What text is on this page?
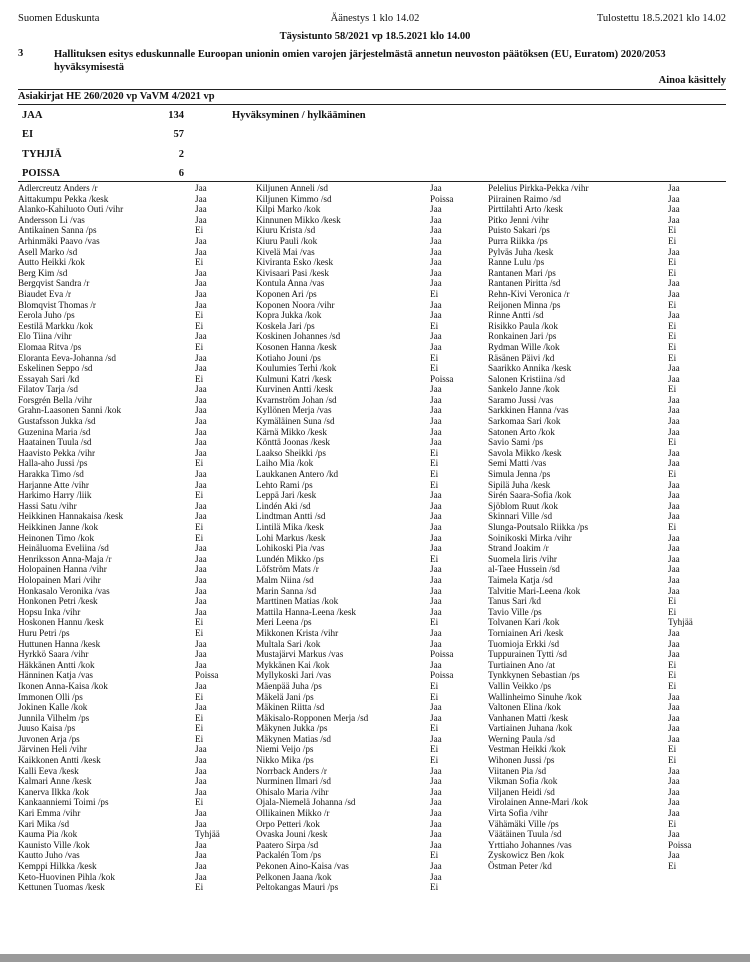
Suomen Eduskunta	Äänestys 1 klo 14.02	Tulostettu 18.5.2021 klo 14.02
Täysistunto 58/2021 vp 18.5.2021 klo 14.00
3	Hallituksen esitys eduskunnalle Euroopan unionin omien varojen järjestelmästä annetun neuvoston päätöksen (EU, Euratom) 2020/2053 hyväksymisestä
Ainoa käsittely
Asiakirjat HE 260/2020 vp VaVM 4/2021 vp
JAA	134	Hyväksyminen / hylkääminen
EI	57
TYHJIÄ	2
POISSA	6
Adlercreutz Anders /r	Jaa
Aittakumpu Pekka /kesk	Jaa
Alanko-Kahiluoto Outi /vihr	Jaa
Andersson Li /vas	Jaa
Antikainen Sanna /ps	Ei
Arhinmäki Paavo /vas	Jaa
Asell Marko /sd	Jaa
Autto Heikki /kok	Ei
Berg Kim /sd	Jaa
Bergqvist Sandra /r	Jaa
Biaudet Eva /r	Jaa
Blomqvist Thomas /r	Jaa
Eerola Juho /ps	Ei
Eestilä Markku /kok	Ei
Elo Tiina /vihr	Jaa
Elomaa Ritva /ps	Ei
Eloranta Eeva-Johanna /sd	Jaa
Eskelinen Seppo /sd	Jaa
Essayah Sari /kd	Ei
Filatov Tarja /sd	Jaa
Forsgrén Bella /vihr	Jaa
Grahn-Laasonen Sanni /kok	Jaa
Gustafsson Jukka /sd	Jaa
Guzenina Maria /sd	Jaa
Haatainen Tuula /sd	Jaa
Haavisto Pekka /vihr	Jaa
Halla-aho Jussi /ps	Ei
Harakka Timo /sd	Jaa
Harjanne Atte /vihr	Jaa
Harkimo Harry /liik	Ei
Hassi Satu /vihr	Jaa
Heikkinen Hannakaisa /kesk	Jaa
Heikkinen Janne /kok	Ei
Heinonen Timo /kok	Ei
Heinäluoma Eveliina /sd	Jaa
Henriksson Anna-Maja /r	Jaa
Holopainen Hanna /vihr	Jaa
Holopainen Mari /vihr	Jaa
Honkasalo Veronika /vas	Jaa
Honkonen Petri /kesk	Jaa
Hopsu Inka /vihr	Jaa
Hoskonen Hannu /kesk	Ei
Huru Petri /ps	Ei
Huttunen Hanna /kesk	Jaa
Hyrkkö Saara /vihr	Jaa
Häkkänen Antti /kok	Jaa
Hänninen Katja /vas	Poissa
Ikonen Anna-Kaisa /kok	Jaa
Immonen Olli /ps	Ei
Jokinen Kalle /kok	Jaa
Junnila Vilhelm /ps	Ei
Juuso Kaisa /ps	Ei
Juvonen Arja /ps	Ei
Järvinen Heli /vihr	Jaa
Kaikkonen Antti /kesk	Jaa
Kalli Eeva /kesk	Jaa
Kalmari Anne /kesk	Jaa
Kanerva Ilkka /kok	Jaa
Kankaanniemi Toimi /ps	Ei
Kari Emma /vihr	Jaa
Kari Mika /sd	Jaa
Kauma Pia /kok	Tyhjää
Kaunisto Ville /kok	Jaa
Kautto Juho /vas	Jaa
Kemppi Hilkka /kesk	Jaa
Keto-Huovinen Pihla /kok	Jaa
Kettunen Tuomas /kesk	Ei
Kiljunen Anneli /sd	Jaa
Kiljunen Kimmo /sd	Poissa
Kilpi Marko /kok	Jaa
Kinnunen Mikko /kesk	Jaa
Kiuru Krista /sd	Jaa
Kiuru Pauli /kok	Jaa
Kivelä Mai /vas	Jaa
Kiviranta Esko /kesk	Jaa
Kivisaari Pasi /kesk	Jaa
Kontula Anna /vas	Jaa
Koponen Ari /ps	Ei
Koponen Noora /vihr	Jaa
Kopra Jukka /kok	Jaa
Koskela Jari /ps	Ei
Koskinen Johannes /sd	Jaa
Kosonen Hanna /kesk	Jaa
Kotiaho Jouni /ps	Ei
Koulumies Terhi /kok	Ei
Kulmuni Katri /kesk	Poissa
Kurvinen Antti /kesk	Jaa
Kvarnström Johan /sd	Jaa
Kyllönen Merja /vas	Jaa
Kymäläinen Suna /sd	Jaa
Kärnä Mikko /kesk	Jaa
Könttä Joonas /kesk	Jaa
Laakso Sheikki /ps	Ei
Laiho Mia /kok	Ei
Laukkanen Antero /kd	Ei
Lehto Rami /ps	Ei
Leppä Jari /kesk	Jaa
Lindén Aki /sd	Jaa
Lindtman Antti /sd	Jaa
Lintilä Mika /kesk	Jaa
Lohi Markus /kesk	Jaa
Lohikoski Pia /vas	Jaa
Lundén Mikko /ps	Ei
Löfström Mats /r	Jaa
Malm Niina /sd	Jaa
Marin Sanna /sd	Jaa
Marttinen Matias /kok	Jaa
Mattila Hanna-Leena /kesk	Jaa
Meri Leena /ps	Ei
Mikkonen Krista /vihr	Jaa
Multala Sari /kok	Jaa
Mustajärvi Markus /vas	Poissa
Mykkänen Kai /kok	Jaa
Myllykoski Jari /vas	Poissa
Mäenpää Juha /ps	Ei
Mäkelä Jani /ps	Ei
Mäkinen Riitta /sd	Jaa
Mäkisalo-Ropponen Merja /sd	Jaa
Mäkynen Jukka /ps	Ei
Mäkynen Matias /sd	Jaa
Niemi Veijo /ps	Ei
Nikko Mika /ps	Ei
Norrback Anders /r	Jaa
Nurminen Ilmari /sd	Jaa
Ohisalo Maria /vihr	Jaa
Ojala-Niemelä Johanna /sd	Jaa
Ollikainen Mikko /r	Jaa
Orpo Petteri /kok	Jaa
Ovaska Jouni /kesk	Jaa
Paatero Sirpa /sd	Jaa
Packalén Tom /ps	Ei
Pekonen Aino-Kaisa /vas	Jaa
Pelkonen Jaana /kok	Jaa
Peltokangas Mauri /ps	Ei
Pelelius Pirkka-Pekka /vihr	Jaa
Piirainen Raimo /sd	Jaa
Pirttilahti Arto /kesk	Jaa
Pitko Jenni /vihr	Jaa
Puisto Sakari /ps	Ei
Purra Riikka /ps	Ei
Pylväs Juha /kesk	Jaa
Ranne Lulu /ps	Ei
Rantanen Mari /ps	Ei
Rantanen Piritta /sd	Jaa
Rehn-Kivi Veronica /r	Jaa
Reijonen Minna /ps	Ei
Rinne Antti /sd	Jaa
Risikko Paula /kok	Ei
Ronkainen Jari /ps	Ei
Rydman Wille /kok	Ei
Räsänen Päivi /kd	Ei
Saarikko Annika /kesk	Jaa
Salonen Kristiina /sd	Jaa
Sankelo Janne /kok	Ei
Saramo Jussi /vas	Jaa
Sarkkinen Hanna /vas	Jaa
Sarkomaa Sari /kok	Jaa
Satonen Arto /kok	Jaa
Savio Sami /ps	Ei
Savola Mikko /kesk	Jaa
Semi Matti /vas	Jaa
Simula Jenna /ps	Ei
Sipilä Juha /kesk	Jaa
Sirén Saara-Sofia /kok	Jaa
Sjöblom Ruut /kok	Jaa
Skinnari Ville /sd	Jaa
Slunga-Poutsalo Riikka /ps	Ei
Soinikoski Mirka /vihr	Jaa
Strand Joakim /r	Jaa
Suomela Iiris /vihr	Jaa
al-Taee Hussein /sd	Jaa
Taimela Katja /sd	Jaa
Talvitie Mari-Leena /kok	Jaa
Tanus Sari /kd	Ei
Tavio Ville /ps	Ei
Tolvanen Kari /kok	Tyhjää
Torniainen Ari /kesk	Jaa
Tuomioja Erkki /sd	Jaa
Tuppurainen Tytti /sd	Jaa
Turtiainen Ano /at	Ei
Tynkkynen Sebastian /ps	Ei
Vallin Veikko /ps	Ei
Wallinheimo Sinuhe /kok	Jaa
Valtonen Elina /kok	Jaa
Vanhanen Matti /kesk	Jaa
Vartiainen Juhana /kok	Jaa
Werning Paula /sd	Jaa
Vestman Heikki /kok	Ei
Wihonen Jussi /ps	Ei
Viitanen Pia /sd	Jaa
Vikman Sofia /kok	Jaa
Viljanen Heidi /sd	Jaa
Virolainen Anne-Mari /kok	Jaa
Virta Sofia /vihr	Jaa
Vähämäki Ville /ps	Ei
Väätäinen Tuula /sd	Jaa
Yrttiaho Johannes /vas	Poissa
Zyskowicz Ben /kok	Jaa
Östman Peter /kd	Ei
